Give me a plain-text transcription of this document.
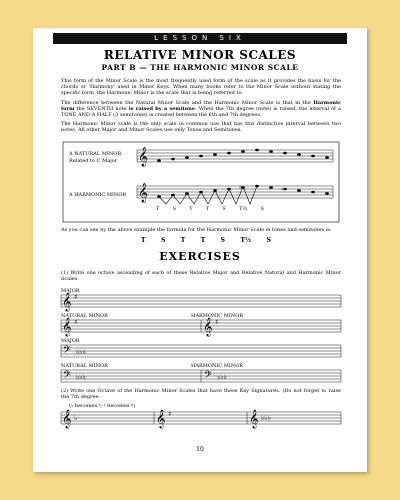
LESSON SIX
RELATIVE MINOR SCALES
PART B — THE HARMONIC MINOR SCALE
This form of the Minor Scale is the most frequently used form of the scale as it provides the basis for the chords or 'Harmony' used in Minor Keys. When many books refer to the Minor Scale without stating the specific form, the Harmonic Minor is the scale that is being referred to.
The difference between the Natural Minor Scale and the Harmonic Minor Scale is that in the Harmonic form the SEVENTH note is raised by a semitone. When the 7th degree (note) is raised, the interval of a TONE AND A HALF (3 semitones) is created between the 6th and 7th degrees.
The Harmonic Minor scale is the only scale in common use that has this distinctive interval between two notes. All other Major and Minor Scales use only Tones and Semitones.
𝄞
𝄞	♯	♮
A NATURAL MINOR
Related to C Major
A HARMONIC MINOR
T	S	T	T	S	T½	S
As you can see by the above example the formula for the Harmonic Minor Scale in tones and semitones is:
T	S	T	T	S	T½	S
EXERCISES
(1) Write one octave ascending of each of these Relative Major and Relative Natural and Harmonic Minor Scales.
MAJOR
𝄞 ♯
NATURAL MINOR	HARMONIC MINOR
𝄞 ♯	𝄞 ♯
MAJOR
𝄢 ♭♭♭
NATURAL MINOR	HARMONIC MINOR
𝄢 ♭♭♭	𝄢 ♭♭♭
(2) Write one Octave of the Harmonic Minor Scales that have these Key Signatures. (Do not forget to raise the 7th degree.
(♭ becomes ♮; ♮ becomes ♯)
𝄞 ♭	𝄞 ♯	𝄞 ♭♭♭
10
